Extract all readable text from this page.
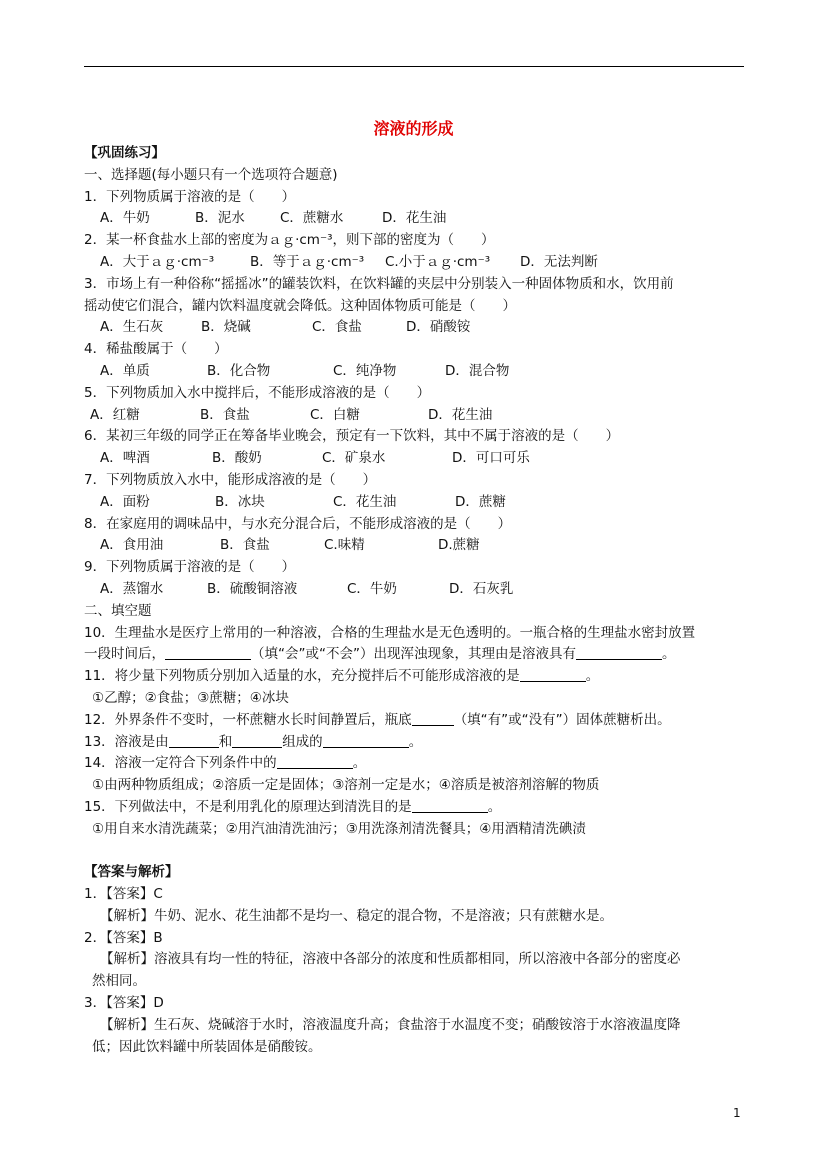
溶液的形成
【巩固练习】
一、选择题(每小题只有一个选项符合题意)
1．下列物质属于溶液的是（　　）
A．牛奶	B．泥水	C．蔗糖水	D．花生油
2．某一杯食盐水上部的密度为ａｇ·cm⁻³，则下部的密度为（　　）
A．大于ａｇ·cm⁻³	B．等于ａｇ·cm⁻³	C.小于ａｇ·cm⁻³	D．无法判断
3．市场上有一种俗称“摇摇冰”的罐装饮料，在饮料罐的夹层中分别装入一种固体物质和水，饮用前
摇动使它们混合，罐内饮料温度就会降低。这种固体物质可能是（　　）
A．生石灰	B．烧碱	C．食盐	D．硝酸铵
4．稀盐酸属于（　　）
A．单质	B．化合物	C．纯净物	D．混合物
5．下列物质加入水中搅拌后，不能形成溶液的是（　　）
A．红糖	B．食盐	C．白糖	D．花生油
6．某初三年级的同学正在筹备毕业晚会，预定有一下饮料，其中不属于溶液的是（　　）
A．啤酒	B．酸奶	C．矿泉水	D．可口可乐
7．下列物质放入水中，能形成溶液的是（　　）
A．面粉	B．冰块	C．花生油	D．蔗糖
8．在家庭用的调味品中，与水充分混合后，不能形成溶液的是（　　）
A．食用油	B．食盐	C.味精	D.蔗糖
9．下列物质属于溶液的是（　　）
A．蒸馏水	B．硫酸铜溶液	C．牛奶	D．石灰乳
二、填空题
10．生理盐水是医疗上常用的一种溶液，合格的生理盐水是无色透明的。一瓶合格的生理盐水密封放置
一段时间后，	（填“会”或“不会”）出现浑浊现象，其理由是溶液具有	。
11．将少量下列物质分别加入适量的水，充分搅拌后不可能形成溶液的是	。
①乙醇；②食盐；③蔗糖；④冰块
12．外界条件不变时，一杯蔗糖水长时间静置后，瓶底	（填“有”或“没有”）固体蔗糖析出。
13．溶液是由	和	组成的	。
14．溶液一定符合下列条件中的	。
①由两种物质组成；②溶质一定是固体；③溶剂一定是水；④溶质是被溶剂溶解的物质
15．下列做法中，不是利用乳化的原理达到清洗目的是	。
①用自来水清洗蔬菜；②用汽油清洗油污；③用洗涤剂清洗餐具；④用酒精清洗碘渍
【答案与解析】
1．【答案】C
【解析】牛奶、泥水、花生油都不是均一、稳定的混合物，不是溶液；只有蔗糖水是。
2．【答案】B
【解析】溶液具有均一性的特征，溶液中各部分的浓度和性质都相同，所以溶液中各部分的密度必
然相同。
3．【答案】D
【解析】生石灰、烧碱溶于水时，溶液温度升高；食盐溶于水温度不变；硝酸铵溶于水溶液温度降
低；因此饮料罐中所装固体是硝酸铵。
1
